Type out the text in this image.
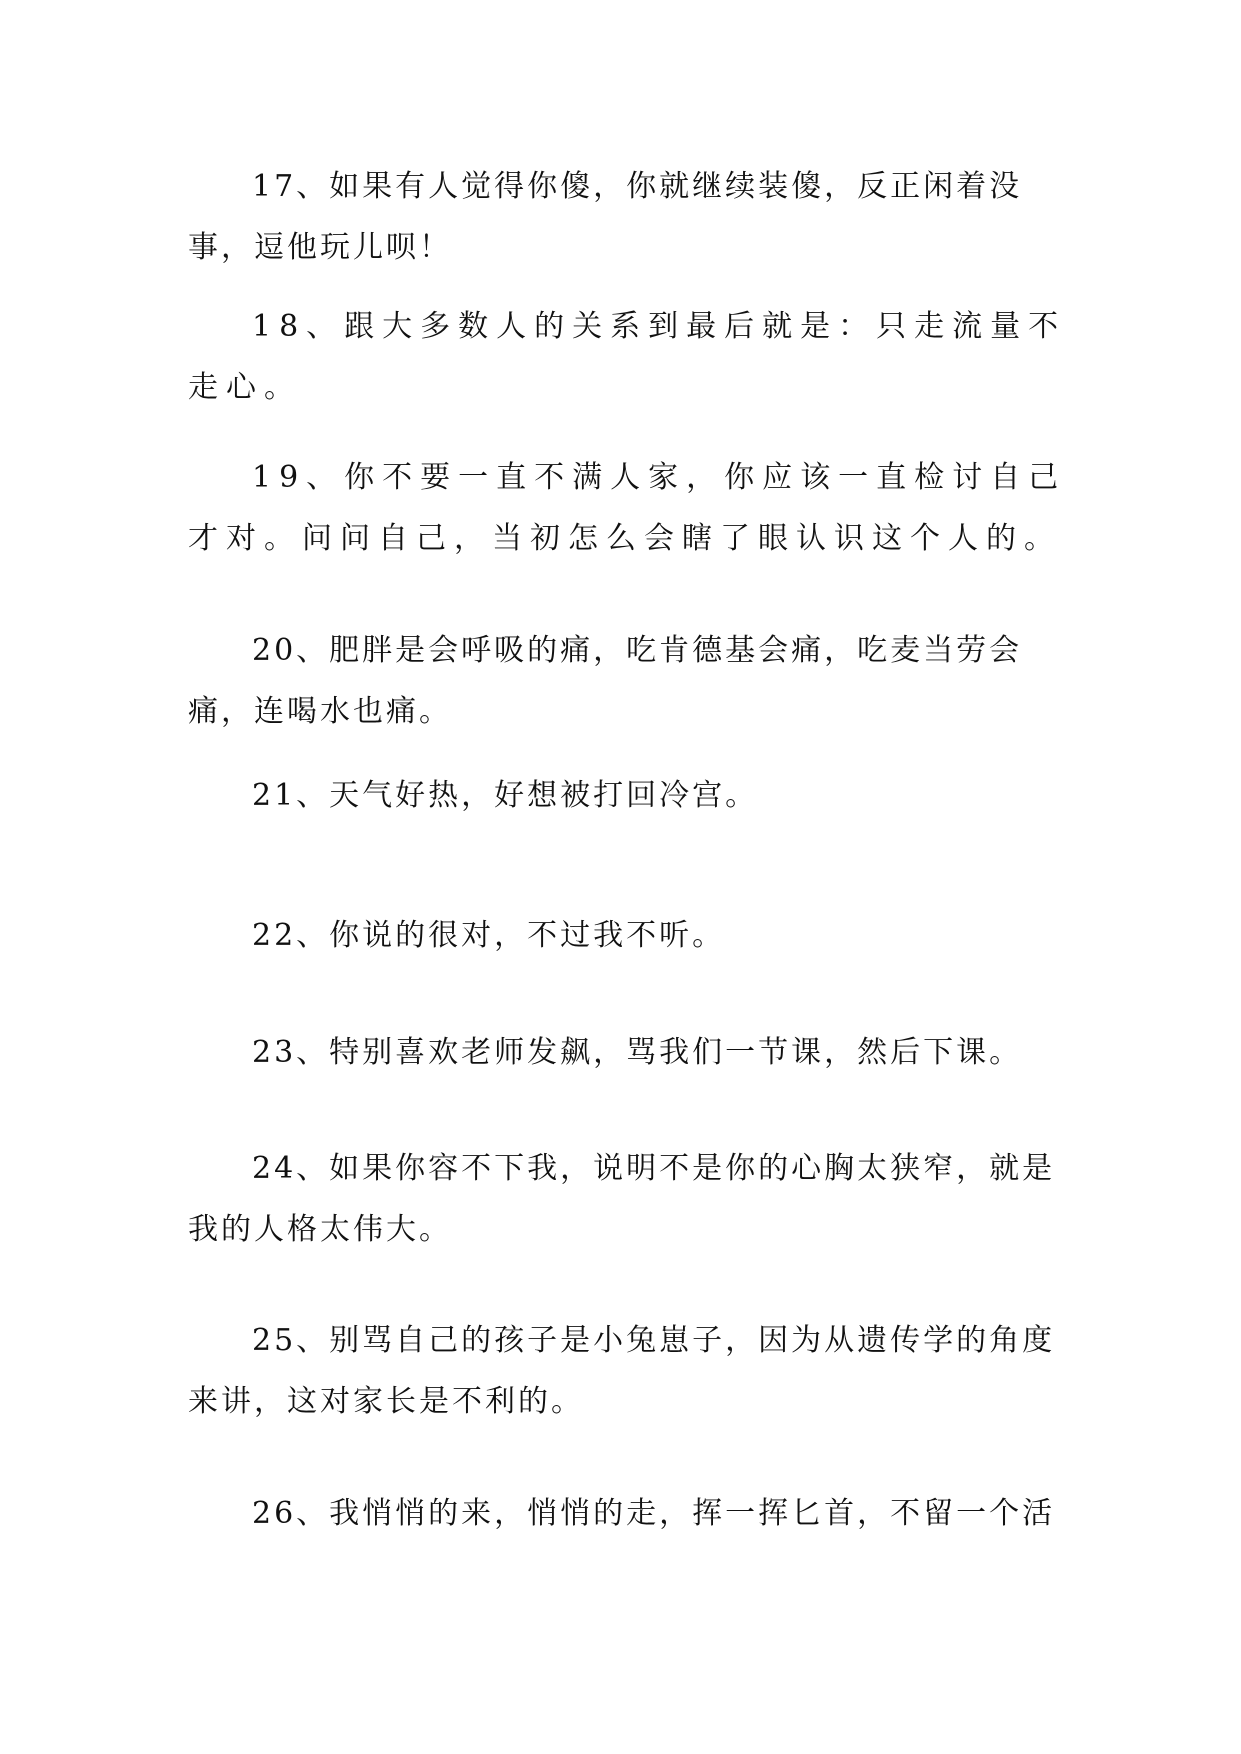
17、如果有人觉得你傻，你就继续装傻，反正闲着没事，逗他玩儿呗！

18、跟大多数人的关系到最后就是：只走流量不走心。

19、你不要一直不满人家，你应该一直检讨自己才对。问问自己，当初怎么会瞎了眼认识这个人的。

20、肥胖是会呼吸的痛，吃肯德基会痛，吃麦当劳会痛，连喝水也痛。

21、天气好热，好想被打回冷宫。

22、你说的很对，不过我不听。

23、特别喜欢老师发飙，骂我们一节课，然后下课。

24、如果你容不下我，说明不是你的心胸太狭窄，就是我的人格太伟大。

25、别骂自己的孩子是小兔崽子，因为从遗传学的角度来讲，这对家长是不利的。

26、我悄悄的来，悄悄的走，挥一挥匕首，不留一个活
